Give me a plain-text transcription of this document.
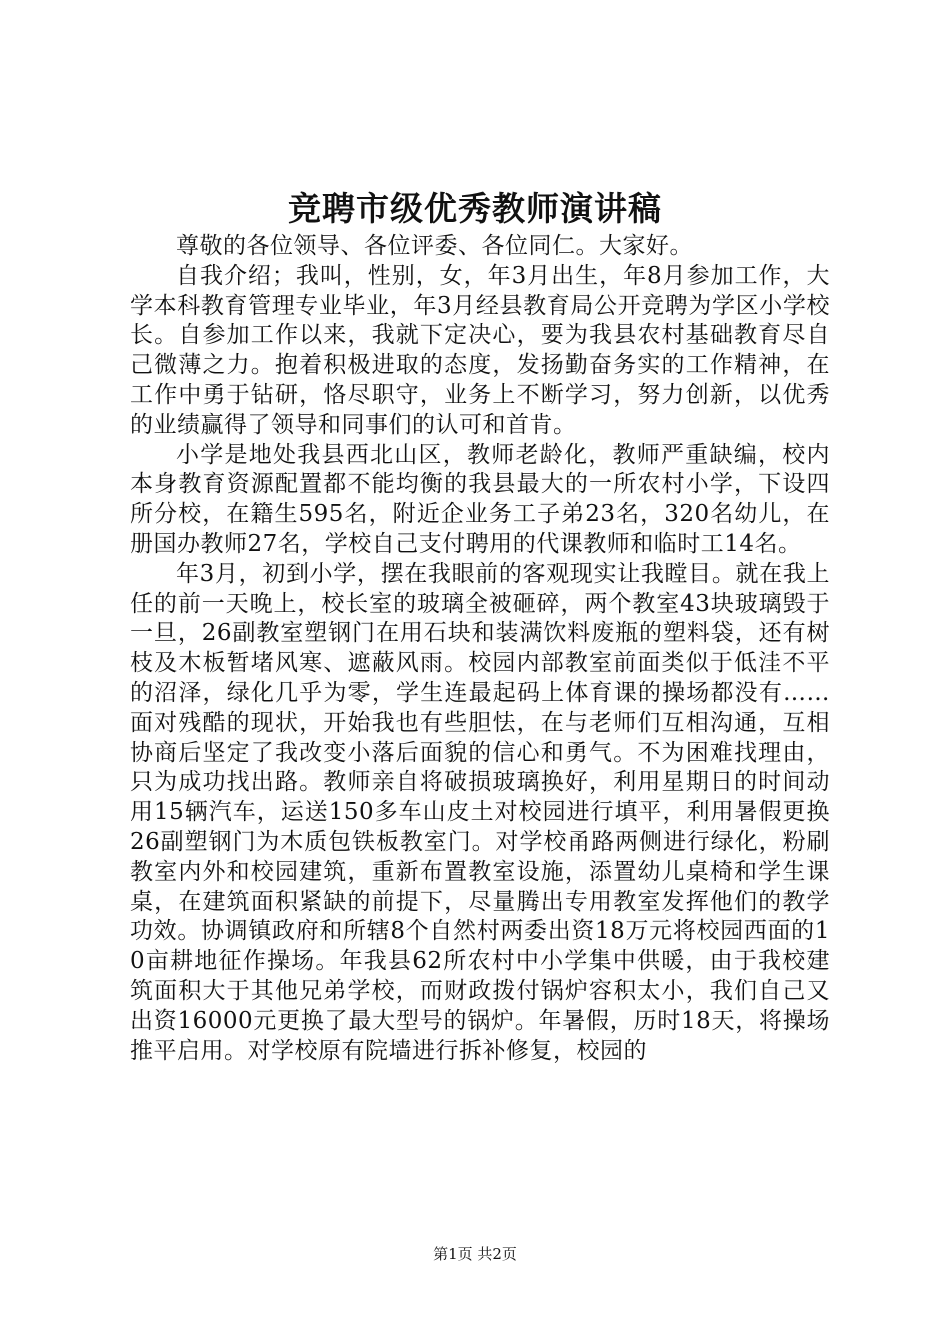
竞聘市级优秀教师演讲稿

尊敬的各位领导、各位评委、各位同仁。大家好。

自我介绍；我叫，性别，女，年3月出生，年8月参加工作，大学本科教育管理专业毕业，年3月经县教育局公开竞聘为学区小学校长。自参加工作以来，我就下定决心，要为我县农村基础教育尽自己微薄之力。抱着积极进取的态度，发扬勤奋务实的工作精神，在工作中勇于钻研，恪尽职守，业务上不断学习，努力创新，以优秀的业绩赢得了领导和同事们的认可和首肯。

小学是地处我县西北山区，教师老龄化，教师严重缺编，校内本身教育资源配置都不能均衡的我县最大的一所农村小学，下设四所分校，在籍生595名，附近企业务工子弟23名，320名幼儿，在册国办教师27名，学校自己支付聘用的代课教师和临时工14名。

年3月，初到小学，摆在我眼前的客观现实让我瞠目。就在我上任的前一天晚上，校长室的玻璃全被砸碎，两个教室43块玻璃毁于一旦，26副教室塑钢门在用石块和装满饮料废瓶的塑料袋，还有树枝及木板暂堵风寒、遮蔽风雨。校园内部教室前面类似于低洼不平的沼泽，绿化几乎为零，学生连最起码上体育课的操场都没有……面对残酷的现状，开始我也有些胆怯，在与老师们互相沟通，互相协商后坚定了我改变小落后面貌的信心和勇气。不为困难找理由，只为成功找出路。教师亲自将破损玻璃换好，利用星期日的时间动用15辆汽车，运送150多车山皮土对校园进行填平，利用暑假更换26副塑钢门为木质包铁板教室门。对学校甬路两侧进行绿化，粉刷教室内外和校园建筑，重新布置教室设施，添置幼儿桌椅和学生课桌，在建筑面积紧缺的前提下，尽量腾出专用教室发挥他们的教学功效。协调镇政府和所辖8个自然村两委出资18万元将校园西面的10亩耕地征作操场。年我县62所农村中小学集中供暖，由于我校建筑面积大于其他兄弟学校，而财政拨付锅炉容积太小，我们自己又出资16000元更换了最大型号的锅炉。年暑假，历时18天，将操场推平启用。对学校原有院墙进行拆补修复，校园的

第1页 共2页
